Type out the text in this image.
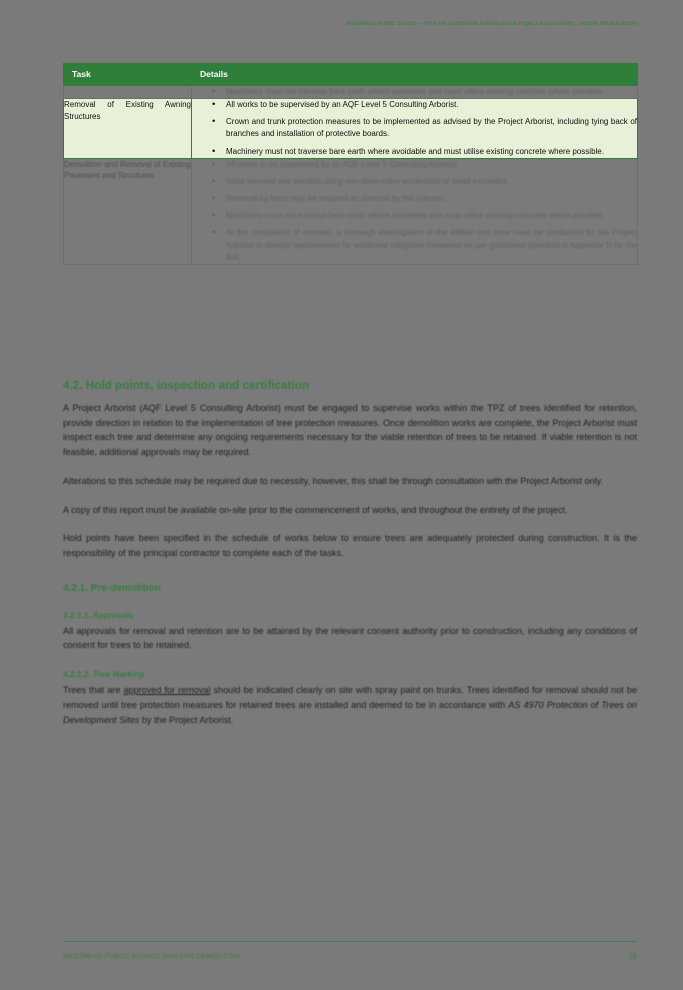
Westmead Public School – AHIA for Demolition Arboricultural Impact Assessment | School Infrastructure
Task	Details

• Machinery must not traverse bare earth where avoidable and must utilise existing concrete where possible.

Removal of Existing Awning Structures	
• All works to be supervised by an AQF Level 5 Consulting Arborist.
• Crown and trunk protection measures to be implemented as advised by the Project Arborist, including tying back of branches and installation of protective boards.
• Machinery must not traverse bare earth where avoidable and must utilise existing concrete where possible.

Demolition and Removal of Existing Pavement and Structures	
• All works to be supervised by an AQF Level 5 Consulting Arborist.
• Initial removal and erection using non-destructive excavation or small excavator.
• Removal by hand may be required as directed by the Arborist.
• Machinery must not traverse bare earth where avoidable and must utilise existing concrete where possible.
• At the completion of removal, a thorough investigation of the infilled root zone must be conducted by the Project Arborist to identify requirements for additional mitigative measures as per guidelines specified in Appendix D for the AIA.
4.2. Hold points, inspection and certification

A Project Arborist (AQF Level 5 Consulting Arborist) must be engaged to supervise works within the TPZ of trees identified for retention, provide direction in relation to the implementation of tree protection measures. Once demolition works are complete, the Project Arborist must inspect each tree and determine any ongoing requirements necessary for the viable retention of trees to be retained. If viable retention is not feasible, additional approvals may be required.

Alterations to this schedule may be required due to necessity, however, this shall be through consultation with the Project Arborist only.

A copy of this report must be available on-site prior to the commencement of works, and throughout the entirety of the project.

Hold points have been specified in the schedule of works below to ensure trees are adequately protected during construction. It is the responsibility of the principal contractor to complete each of the tasks.

4.2.1. Pre-demolition
4.2.1.1. Approvals

All approvals for removal and retention are to be attained by the relevant consent authority prior to construction, including any conditions of consent for trees to be retained.

4.2.1.2. Tree Marking

Trees that are approved for removal should be indicated clearly on site with spray paint on trunks. Trees identified for removal should not be removed until tree protection measures for retained trees are installed and deemed to be in accordance with AS 4970 Protection of Trees on Development Sites by the Project Arborist.

WESTMEAD PUBLIC SCHOOL AHIA FOR DEMOLITION	15
